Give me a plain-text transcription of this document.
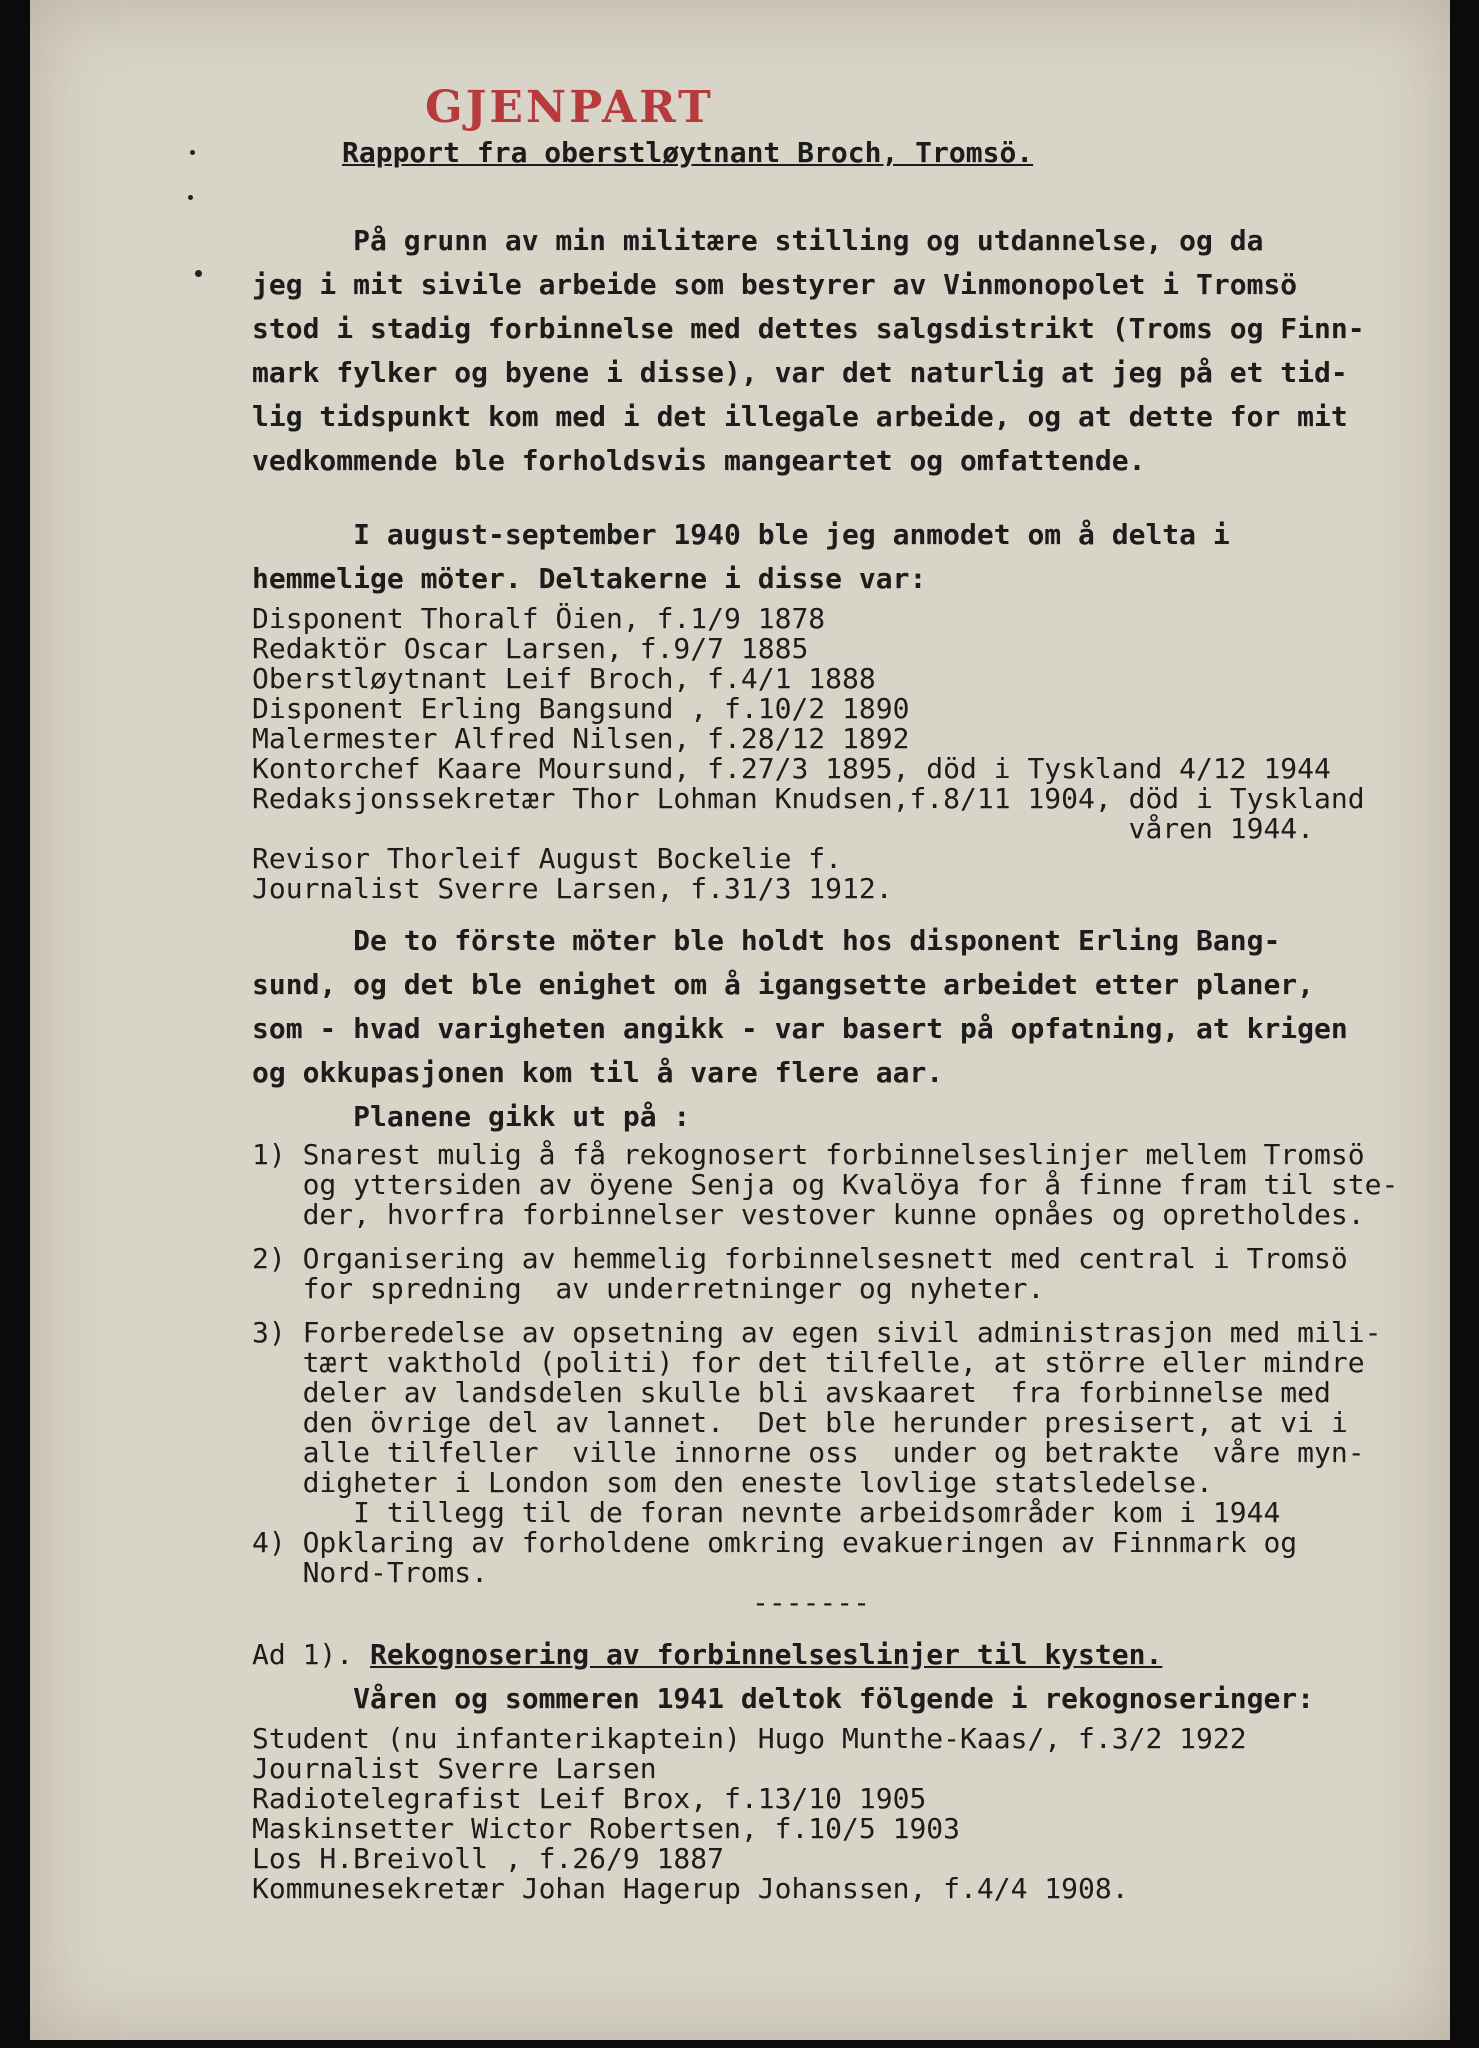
GJENPART
Rapport fra oberstløytnant Broch, Tromsö.
På grunn av min militære stilling og utdannelse, og da
jeg i mit sivile arbeide som bestyrer av Vinmonopolet i Tromsö
stod i stadig forbinnelse med dettes salgsdistrikt (Troms og Finn-
mark fylker og byene i disse), var det naturlig at jeg på et tid-
lig tidspunkt kom med i det illegale arbeide, og at dette for mit
vedkommende ble forholdsvis mangeartet og omfattende.
I august-september 1940 ble jeg anmodet om å delta i
hemmelige möter. Deltakerne i disse var:
Disponent Thoralf Öien, f.1/9 1878
Redaktör Oscar Larsen, f.9/7 1885
Oberstløytnant Leif Broch, f.4/1 1888
Disponent Erling Bangsund , f.10/2 1890
Malermester Alfred Nilsen, f.28/12 1892
Kontorchef Kaare Moursund, f.27/3 1895, död i Tyskland 4/12 1944
Redaksjonssekretær Thor Lohman Knudsen,f.8/11 1904, död i Tyskland
våren 1944.
Revisor Thorleif August Bockelie f.
Journalist Sverre Larsen, f.31/3 1912.
De to förste möter ble holdt hos disponent Erling Bang-
sund, og det ble enighet om å igangsette arbeidet etter planer,
som - hvad varigheten angikk - var basert på opfatning, at krigen
og okkupasjonen kom til å vare flere aar.
Planene gikk ut på :
1) Snarest mulig å få rekognosert forbinnelseslinjer mellem Tromsö
og yttersiden av öyene Senja og Kvalöya for å finne fram til ste-
der, hvorfra forbinnelser vestover kunne opnåes og opretholdes.
2) Organisering av hemmelig forbinnelsesnett med central i Tromsö
for spredning  av underretninger og nyheter.
3) Forberedelse av opsetning av egen sivil administrasjon med mili-
tært vakthold (politi) for det tilfelle, at större eller mindre
deler av landsdelen skulle bli avskaaret  fra forbinnelse med
den övrige del av lannet.  Det ble herunder presisert, at vi i
alle tilfeller  ville innorne oss  under og betrakte  våre myn-
digheter i London som den eneste lovlige statsledelse.
I tillegg til de foran nevnte arbeidsområder kom i 1944
4) Opklaring av forholdene omkring evakueringen av Finnmark og
Nord-Troms.
-------
Ad 1). Rekognosering av forbinnelseslinjer til kysten.
Våren og sommeren 1941 deltok fölgende i rekognoseringer:
Student (nu infanterikaptein) Hugo Munthe-Kaas/, f.3/2 1922
Journalist Sverre Larsen
Radiotelegrafist Leif Brox, f.13/10 1905
Maskinsetter Wictor Robertsen, f.10/5 1903
Los H.Breivoll , f.26/9 1887
Kommunesekretær Johan Hagerup Johanssen, f.4/4 1908.
